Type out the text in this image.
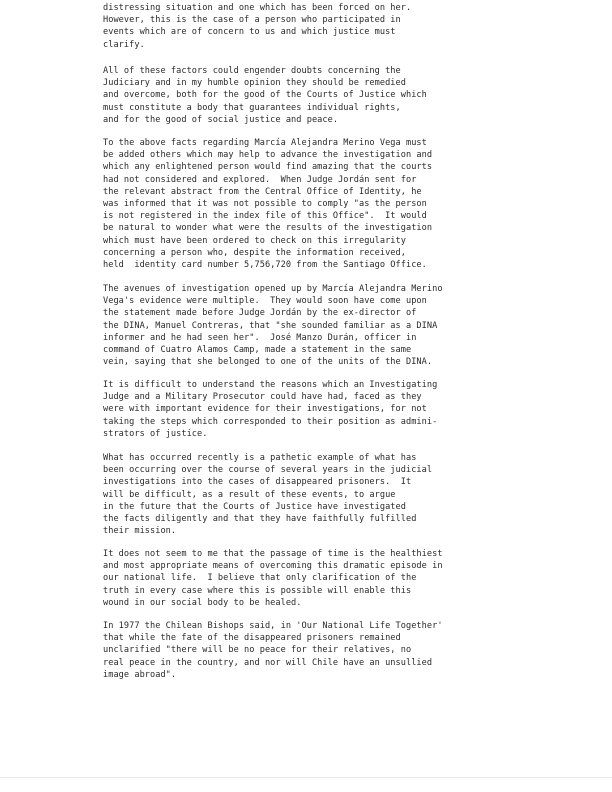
distressing situation and one which has been forced on her.
However, this is the case of a person who participated in
events which are of concern to us and which justice must
clarify.
All of these factors could engender doubts concerning the
Judiciary and in my humble opinion they should be remedied
and overcome, both for the good of the Courts of Justice which
must constitute a body that guarantees individual rights,
and for the good of social justice and peace.
To the above facts regarding Marcía Alejandra Merino Vega must
be added others which may help to advance the investigation and
which any enlightened person would find amazing that the courts
had not considered and explored.  When Judge Jordán sent for
the relevant abstract from the Central Office of Identity, he
was informed that it was not possible to comply "as the person
is not registered in the index file of this Office".  It would
be natural to wonder what were the results of the investigation
which must have been ordered to check on this irregularity
concerning a person who, despite the information received,
held  identity card number 5,756,720 from the Santiago Office.
The avenues of investigation opened up by Marcía Alejandra Merino
Vega's evidence were multiple.  They would soon have come upon
the statement made before Judge Jordán by the ex-director of
the DINA, Manuel Contreras, that "she sounded familiar as a DINA
informer and he had seen her".  José Manzo Durán, officer in
command of Cuatro Alamos Camp, made a statement in the same
vein, saying that she belonged to one of the units of the DINA.
It is difficult to understand the reasons which an Investigating
Judge and a Military Prosecutor could have had, faced as they
were with important evidence for their investigations, for not
taking the steps which corresponded to their position as admini-
strators of justice.
What has occurred recently is a pathetic example of what has
been occurring over the course of several years in the judicial
investigations into the cases of disappeared prisoners.  It
will be difficult, as a result of these events, to argue
in the future that the Courts of Justice have investigated
the facts diligently and that they have faithfully fulfilled
their mission.
It does not seem to me that the passage of time is the healthiest
and most appropriate means of overcoming this dramatic episode in
our national life.  I believe that only clarification of the
truth in every case where this is possible will enable this
wound in our social body to be healed.
In 1977 the Chilean Bishops said, in 'Our National Life Together'
that while the fate of the disappeared prisoners remained
unclarified "there will be no peace for their relatives, no
real peace in the country, and nor will Chile have an unsullied
image abroad".
